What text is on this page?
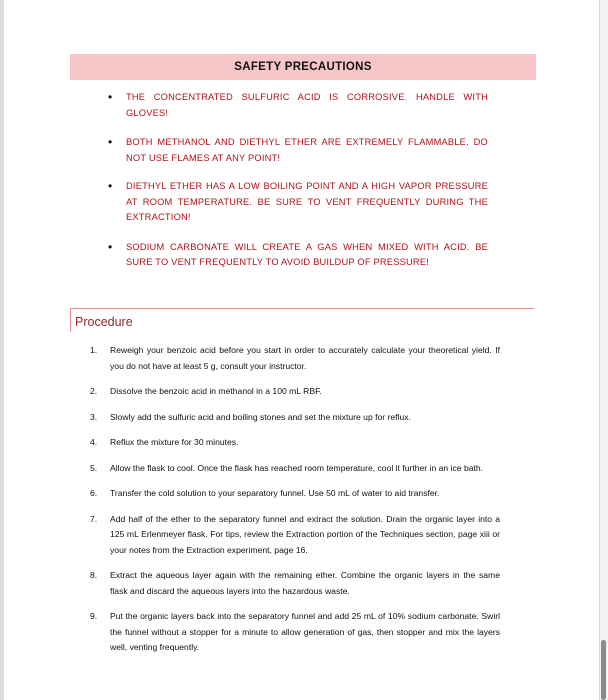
SAFETY PRECAUTIONS
• THE CONCENTRATED SULFURIC ACID IS CORROSIVE. HANDLE WITH GLOVES!
• BOTH METHANOL AND DIETHYL ETHER ARE EXTREMELY FLAMMABLE. DO NOT USE FLAMES AT ANY POINT!
• DIETHYL ETHER HAS A LOW BOILING POINT AND A HIGH VAPOR PRESSURE AT ROOM TEMPERATURE. BE SURE TO VENT FREQUENTLY DURING THE EXTRACTION!
• SODIUM CARBONATE WILL CREATE A GAS WHEN MIXED WITH ACID. BE SURE TO VENT FREQUENTLY TO AVOID BUILDUP OF PRESSURE!
Procedure
1.	Reweigh your benzoic acid before you start in order to accurately calculate your theoretical yield. If you do not have at least 5 g, consult your instructor.
2.	Dissolve the benzoic acid in methanol in a 100 mL RBF.
3.	Slowly add the sulfuric acid and boiling stones and set the mixture up for reflux.
4.	Reflux the mixture for 30 minutes.
5.	Allow the flask to cool. Once the flask has reached room temperature, cool it further in an ice bath.
6.	Transfer the cold solution to your separatory funnel. Use 50 mL of water to aid transfer.
7.	Add half of the ether to the separatory funnel and extract the solution. Drain the organic layer into a 125 mL Erlenmeyer flask. For tips, review the Extraction portion of the Techniques section, page xiii or your notes from the Extraction experiment, page 16.
8.	Extract the aqueous layer again with the remaining ether. Combine the organic layers in the same flask and discard the aqueous layers into the hazardous waste.
9.	Put the organic layers back into the separatory funnel and add 25 mL of 10% sodium carbonate. Swirl the funnel without a stopper for a minute to allow generation of gas, then stopper and mix the layers well, venting frequently.
